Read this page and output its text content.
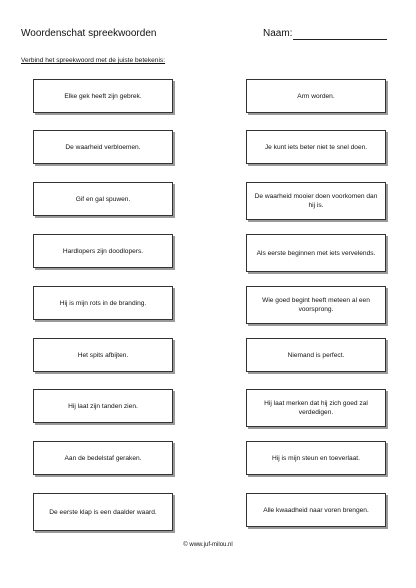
Woordenschat spreekwoorden	Naam:
Verbind het spreekwoord met de juiste betekenis:
Elke gek heeft zijn gebrek.
De waarheid verbloemen.
Gif en gal spuwen.
Hardlopers zijn doodlopers.
Hij is mijn rots in de branding.
Het spits afbijten.
Hij laat zijn tanden zien.
Aan de bedelstaf geraken.
De eerste klap is een daalder waard.
Arm worden.
Je kunt iets beter niet te snel doen.
De waarheid mooier doen voorkomen dan hij is.
Als eerste beginnen met iets vervelends.
Wie goed begint heeft meteen al een voorsprong.
Niemand is perfect.
Hij laat merken dat hij zich goed zal verdedigen.
Hij is mijn steun en toeverlaat.
Alle kwaadheid naar voren brengen.
© www.juf-milou.nl
